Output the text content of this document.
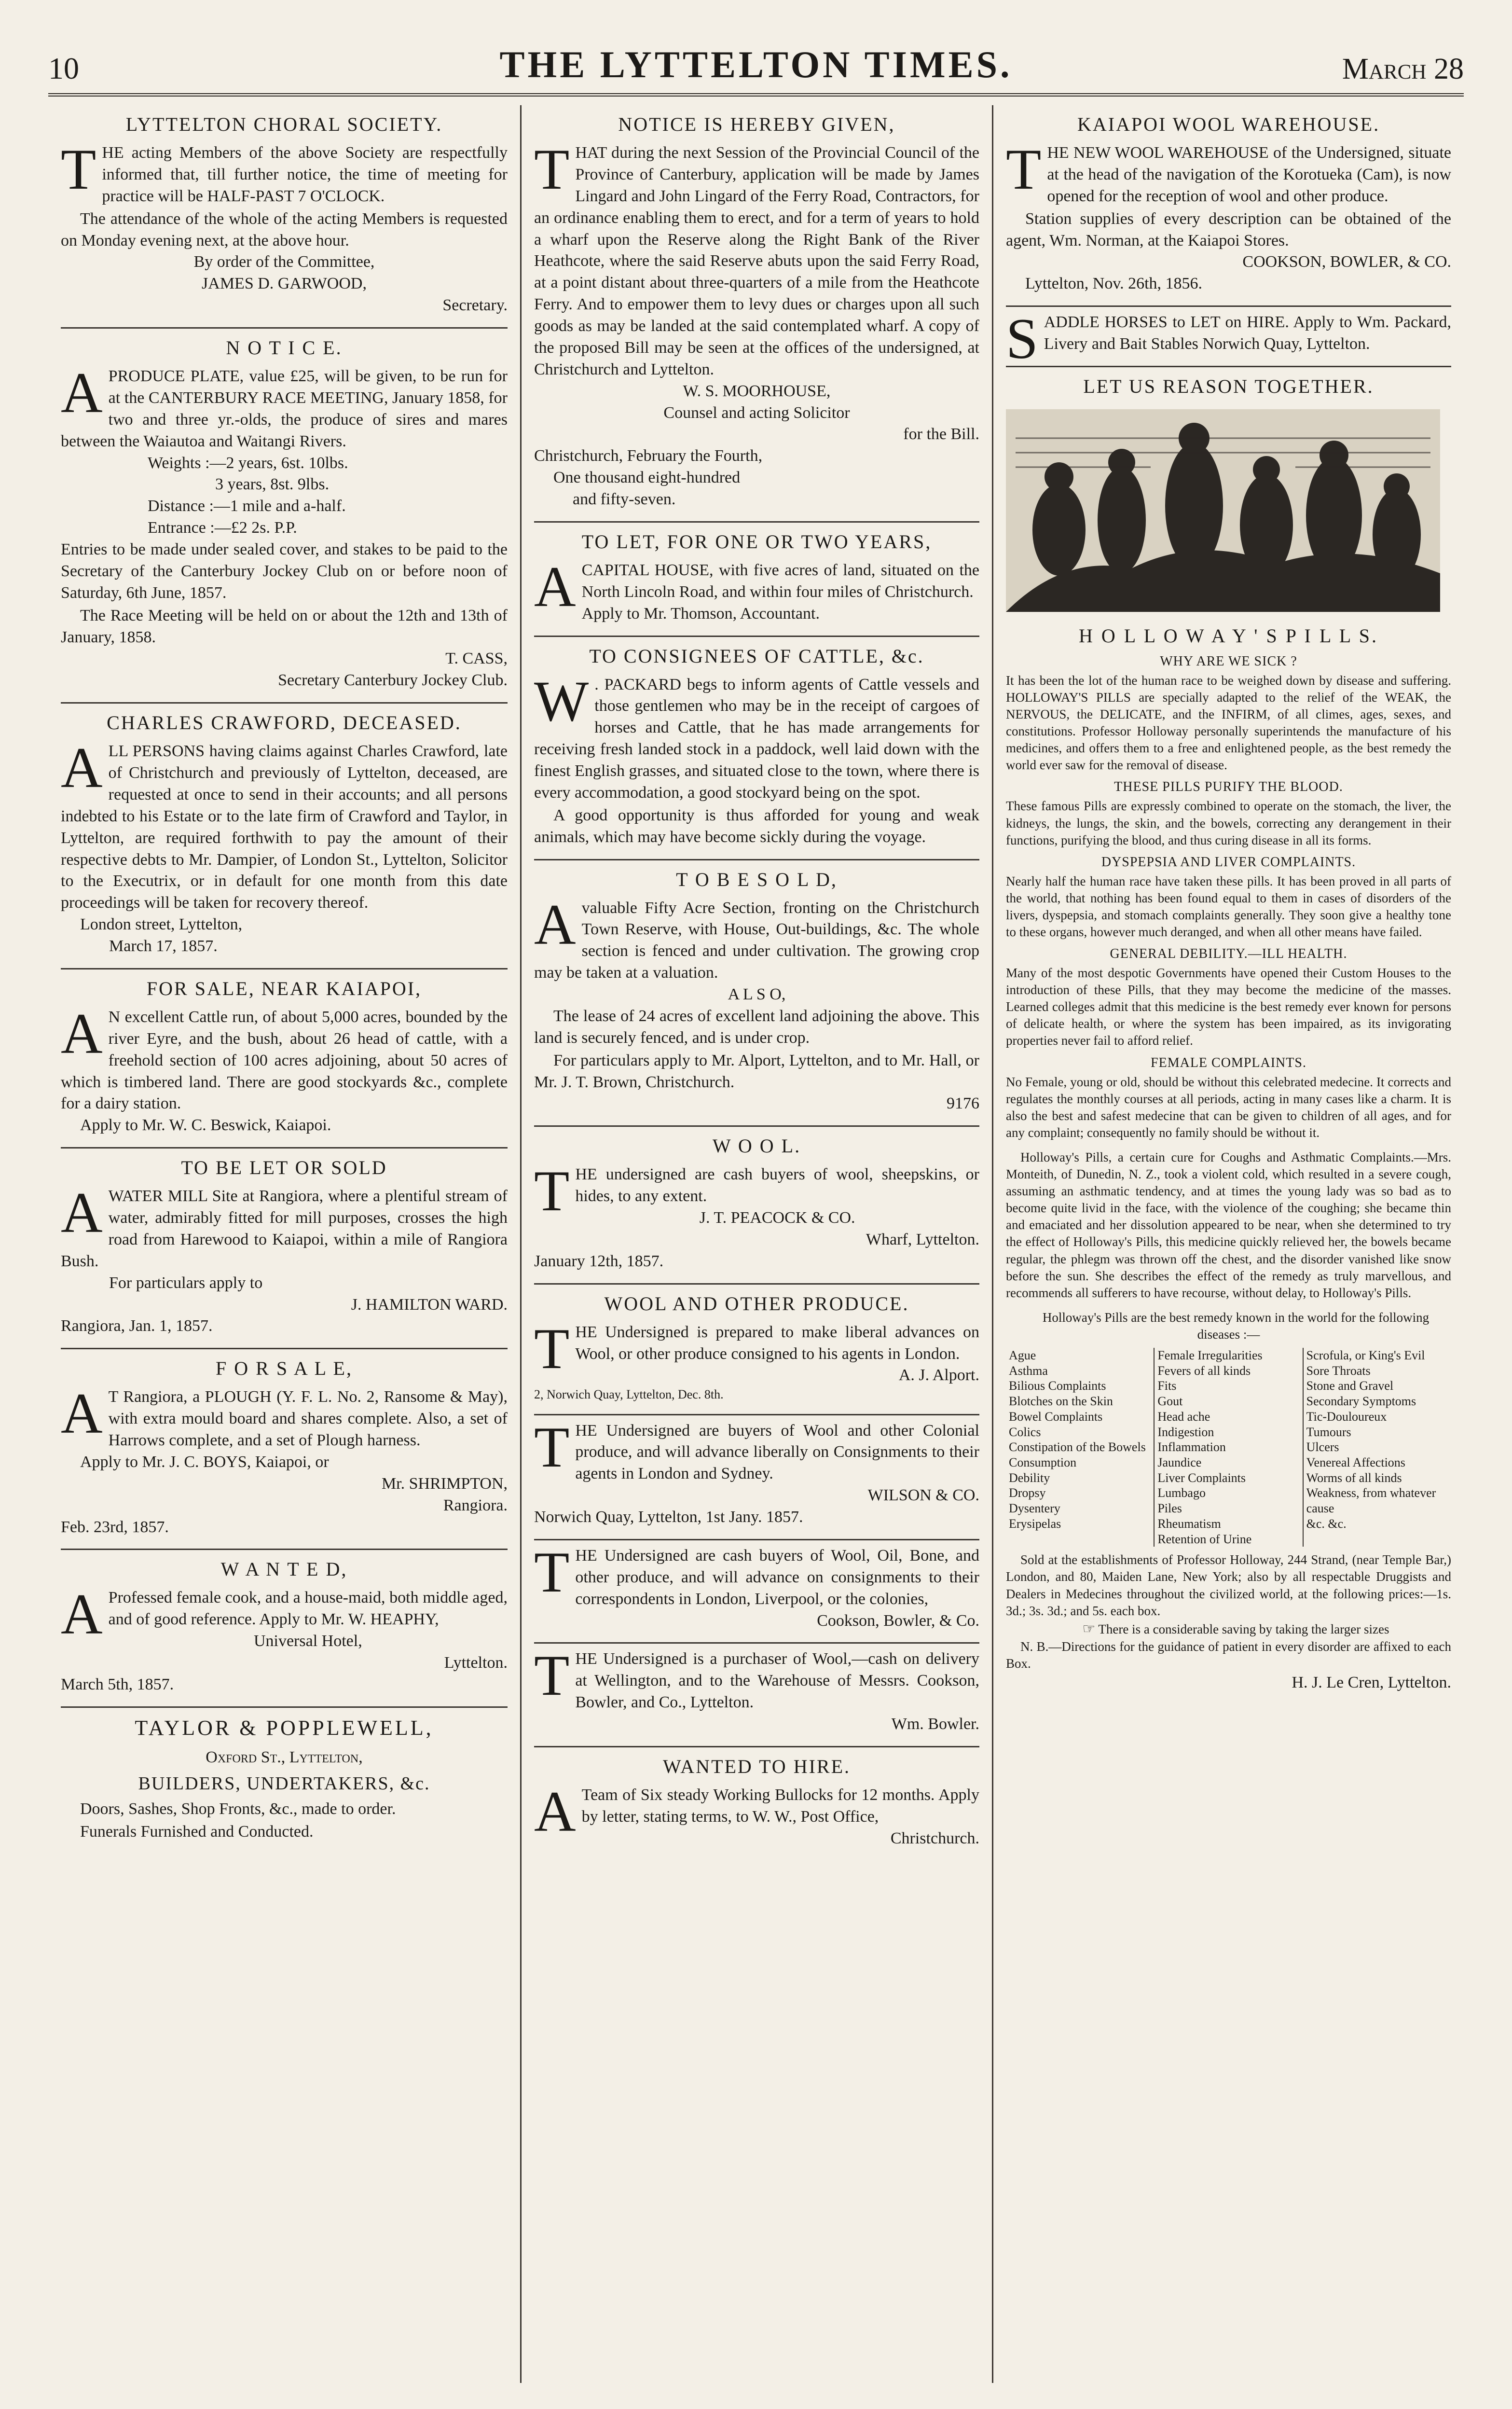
10	THE LYTTELTON TIMES.	March 28
LYTTELTON CHORAL SOCIETY.

THE acting Members of the above Society are respectfully informed that, till further notice, the time of meeting for practice will be HALF-PAST 7 O'CLOCK.

The attendance of the whole of the acting Members is requested on Monday evening next, at the above hour.

By order of the Committee,

JAMES D. GARWOOD,

Secretary.

N O T I C E.

APRODUCE PLATE, value £25, will be given, to be run for at the CANTERBURY RACE MEETING, January 1858, for two and three yr.-olds, the produce of sires and mares between the Waiautoa and Waitangi Rivers.

Weights :—2 years, 6st. 10lbs.

3 years, 8st. 9lbs.

Distance :—1 mile and a-half.

Entrance :—£2 2s. P.P.

Entries to be made under sealed cover, and stakes to be paid to the Secretary of the Canterbury Jockey Club on or before noon of Saturday, 6th June, 1857.

The Race Meeting will be held on or about the 12th and 13th of January, 1858.

T. CASS,

Secretary Canterbury Jockey Club.

CHARLES CRAWFORD, DECEASED.

ALL PERSONS having claims against Charles Crawford, late of Christchurch and previously of Lyttelton, deceased, are requested at once to send in their accounts; and all persons indebted to his Estate or to the late firm of Crawford and Taylor, in Lyttelton, are required forthwith to pay the amount of their respective debts to Mr. Dampier, of London St., Lyttelton, Solicitor to the Executrix, or in default for one month from this date proceedings will be taken for recovery thereof.

London street, Lyttelton,

March 17, 1857.

FOR SALE, NEAR KAIAPOI,

A N excellent Cattle run, of about 5,000 acres, bounded by the river Eyre, and the bush, about 26 head of cattle, with a freehold section of 100 acres adjoining, about 50 acres of which is timbered land. There are good stockyards &c., complete for a dairy station.

Apply to Mr. W. C. Beswick, Kaiapoi.

TO BE LET OR SOLD

AWATER MILL Site at Rangiora, where a plentiful stream of water, admirably fitted for mill purposes, crosses the high road from Harewood to Kaiapoi, within a mile of Rangiora Bush.

For particulars apply to

J. HAMILTON WARD.

Rangiora, Jan. 1, 1857.

F O R S A L E,

A T Rangiora, a PLOUGH (Y. F. L. No. 2, Ransome & May), with extra mould board and shares complete. Also, a set of Harrows complete, and a set of Plough harness.

Apply to Mr. J. C. BOYS, Kaiapoi, or

Mr. SHRIMPTON,

Rangiora.

Feb. 23rd, 1857.

W A N T E D,

A Professed female cook, and a house-maid, both middle aged, and of good reference. Apply to Mr. W. HEAPHY,

Universal Hotel,

Lyttelton.

March 5th, 1857.

TAYLOR & POPPLEWELL,

Oxford St., Lyttelton,

BUILDERS, UNDERTAKERS, &c.

Doors, Sashes, Shop Fronts, &c., made to order.

Funerals Furnished and Conducted.

NOTICE IS HEREBY GIVEN,

THAT during the next Session of the Provincial Council of the Province of Canterbury, application will be made by James Lingard and John Lingard of the Ferry Road, Contractors, for an ordinance enabling them to erect, and for a term of years to hold a wharf upon the Reserve along the Right Bank of the River Heathcote, where the said Reserve abuts upon the said Ferry Road, at a point distant about three-quarters of a mile from the Heathcote Ferry. And to empower them to levy dues or charges upon all such goods as may be landed at the said contemplated wharf. A copy of the proposed Bill may be seen at the offices of the undersigned, at Christchurch and Lyttelton.

W. S. MOORHOUSE,

Counsel and acting Solicitor

for the Bill.

Christchurch, February the Fourth,

One thousand eight-hundred

and fifty-seven.

TO LET, FOR ONE OR TWO YEARS,

ACAPITAL HOUSE, with five acres of land, situated on the North Lincoln Road, and within four miles of Christchurch.

Apply to Mr. Thomson, Accountant.

TO CONSIGNEES OF CATTLE, &c.

W . PACKARD begs to inform agents of Cattle vessels and those gentlemen who may be in the receipt of cargoes of horses and Cattle, that he has made arrangements for receiving fresh landed stock in a paddock, well laid down with the finest English grasses, and situated close to the town, where there is every accommodation, a good stockyard being on the spot.

A good opportunity is thus afforded for young and weak animals, which may have become sickly during the voyage.

T O B E S O L D,

Avaluable Fifty Acre Section, fronting on the Christchurch Town Reserve, with House, Out-buildings, &c. The whole section is fenced and under cultivation. The growing crop may be taken at a valuation.

A L S O,

The lease of 24 acres of excellent land adjoining the above. This land is securely fenced, and is under crop.

For particulars apply to Mr. Alport, Lyttelton, and to Mr. Hall, or Mr. J. T. Brown, Christchurch.

9176

W O O L.

THE undersigned are cash buyers of wool, sheepskins, or hides, to any extent.

J. T. PEACOCK & CO.

Wharf, Lyttelton.

January 12th, 1857.

WOOL AND OTHER PRODUCE.

THE Undersigned is prepared to make liberal advances on Wool, or other produce consigned to his agents in London.

A. J. Alport.

2, Norwich Quay, Lyttelton, Dec. 8th.

THE Undersigned are buyers of Wool and other Colonial produce, and will advance liberally on Consignments to their agents in London and Sydney.

WILSON & CO.

Norwich Quay, Lyttelton, 1st Jany. 1857.

THE Undersigned are cash buyers of Wool, Oil, Bone, and other produce, and will advance on consignments to their correspondents in London, Liverpool, or the colonies,

Cookson, Bowler, & Co.

THE Undersigned is a purchaser of Wool,—cash on delivery at Wellington, and to the Warehouse of Messrs. Cookson, Bowler, and Co., Lyttelton.

Wm. Bowler.

WANTED TO HIRE.

A Team of Six steady Working Bullocks for 12 months. Apply by letter, stating terms, to W. W., Post Office,

Christchurch.

KAIAPOI WOOL WAREHOUSE.

THE NEW WOOL WAREHOUSE of the Undersigned, situate at the head of the navigation of the Korotueka (Cam), is now opened for the reception of wool and other produce.

Station supplies of every description can be obtained of the agent, Wm. Norman, at the Kaiapoi Stores.

COOKSON, BOWLER, & CO.

Lyttelton, Nov. 26th, 1856.

SADDLE HORSES to LET on HIRE. Apply to Wm. Packard, Livery and Bait Stables Norwich Quay, Lyttelton.

LET US REASON TOGETHER.
H O L L O W A Y ' S P I L L S.
WHY ARE WE SICK ?

It has been the lot of the human race to be weighed down by disease and suffering. HOLLOWAY'S PILLS are specially adapted to the relief of the WEAK, the NERVOUS, the DELICATE, and the INFIRM, of all climes, ages, sexes, and constitutions. Professor Holloway personally superintends the manufacture of his medicines, and offers them to a free and enlightened people, as the best remedy the world ever saw for the removal of disease.

THESE PILLS PURIFY THE BLOOD.

These famous Pills are expressly combined to operate on the stomach, the liver, the kidneys, the lungs, the skin, and the bowels, correcting any derangement in their functions, purifying the blood, and thus curing disease in all its forms.

DYSPEPSIA AND LIVER COMPLAINTS.

Nearly half the human race have taken these pills. It has been proved in all parts of the world, that nothing has been found equal to them in cases of disorders of the livers, dyspepsia, and stomach complaints generally. They soon give a healthy tone to these organs, however much deranged, and when all other means have failed.

GENERAL DEBILITY.—ILL HEALTH.

Many of the most despotic Governments have opened their Custom Houses to the introduction of these Pills, that they may become the medicine of the masses. Learned colleges admit that this medicine is the best remedy ever known for persons of delicate health, or where the system has been impaired, as its invigorating properties never fail to afford relief.

FEMALE COMPLAINTS.

No Female, young or old, should be without this celebrated medecine. It corrects and regulates the monthly courses at all periods, acting in many cases like a charm. It is also the best and safest medecine that can be given to children of all ages, and for any complaint; consequently no family should be without it.

Holloway's Pills, a certain cure for Coughs and Asthmatic Complaints.—Mrs. Monteith, of Dunedin, N. Z., took a violent cold, which resulted in a severe cough, assuming an asthmatic tendency, and at times the young lady was so bad as to become quite livid in the face, with the violence of the coughing; she became thin and emaciated and her dissolution appeared to be near, when she determined to try the effect of Holloway's Pills, this medicine quickly relieved her, the bowels became regular, the phlegm was thrown off the chest, and the disorder vanished like snow before the sun. She describes the effect of the remedy as truly marvellous, and recommends all sufferers to have recourse, without delay, to Holloway's Pills.

Holloway's Pills are the best remedy known in the world for the following diseases :—

Ague
Asthma
Bilious Complaints
Blotches on the Skin
Bowel Complaints
Colics
Constipation of the Bowels
Consumption
Debility
Dropsy
Dysentery
Erysipelas
Female Irregularities
Fevers of all kinds
Fits
Gout
Head ache
Indigestion
Inflammation
Jaundice
Liver Complaints
Lumbago
Piles
Rheumatism
Retention of Urine
Scrofula, or King's Evil
Sore Throats
Stone and Gravel
Secondary Symptoms
Tic-Douloureux
Tumours
Ulcers
Venereal Affections
Worms of all kinds
Weakness, from whatever cause
&c. &c.

Sold at the establishments of Professor Holloway, 244 Strand, (near Temple Bar,) London, and 80, Maiden Lane, New York; also by all respectable Druggists and Dealers in Medecines throughout the civilized world, at the following prices:—1s. 3d.; 3s. 3d.; and 5s. each box.

☞ There is a considerable saving by taking the larger sizes

N. B.—Directions for the guidance of patient in every disorder are affixed to each Box.

H. J. Le Cren, Lyttelton.
